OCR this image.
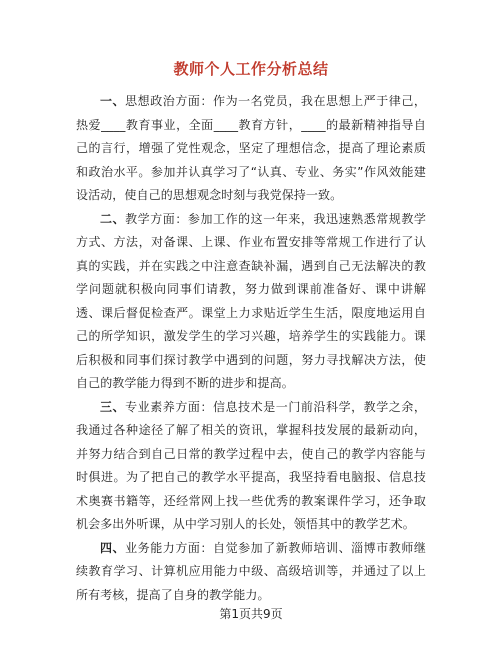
教师个人工作分析总结

一、思想政治方面：作为一名党员，我在思想上严于律己，热爱____教育事业，全面____教育方针，____的最新精神指导自己的言行，增强了党性观念，坚定了理想信念，提高了理论素质和政治水平。参加并认真学习了“认真、专业、务实”作风效能建设活动，使自己的思想观念时刻与我党保持一致。

二、教学方面：参加工作的这一年来，我迅速熟悉常规教学方式、方法，对备课、上课、作业布置安排等常规工作进行了认真的实践，并在实践之中注意查缺补漏，遇到自己无法解决的教学问题就积极向同事们请教，努力做到课前准备好、课中讲解透、课后督促检查严。课堂上力求贴近学生生活，限度地运用自己的所学知识，激发学生的学习兴趣，培养学生的实践能力。课后积极和同事们探讨教学中遇到的问题，努力寻找解决方法，使自己的教学能力得到不断的进步和提高。

三、专业素养方面：信息技术是一门前沿科学，教学之余，我通过各种途径了解了相关的资讯，掌握科技发展的最新动向，并努力结合到自己日常的教学过程中去，使自己的教学内容能与时俱进。为了把自己的教学水平提高，我坚持看电脑报、信息技术奥赛书籍等，还经常网上找一些优秀的教案课件学习，还争取机会多出外听课，从中学习别人的长处，领悟其中的教学艺术。

四、业务能力方面：自觉参加了新教师培训、淄博市教师继续教育学习、计算机应用能力中级、高级培训等，并通过了以上所有考核，提高了自身的教学能力。

第1页共9页
